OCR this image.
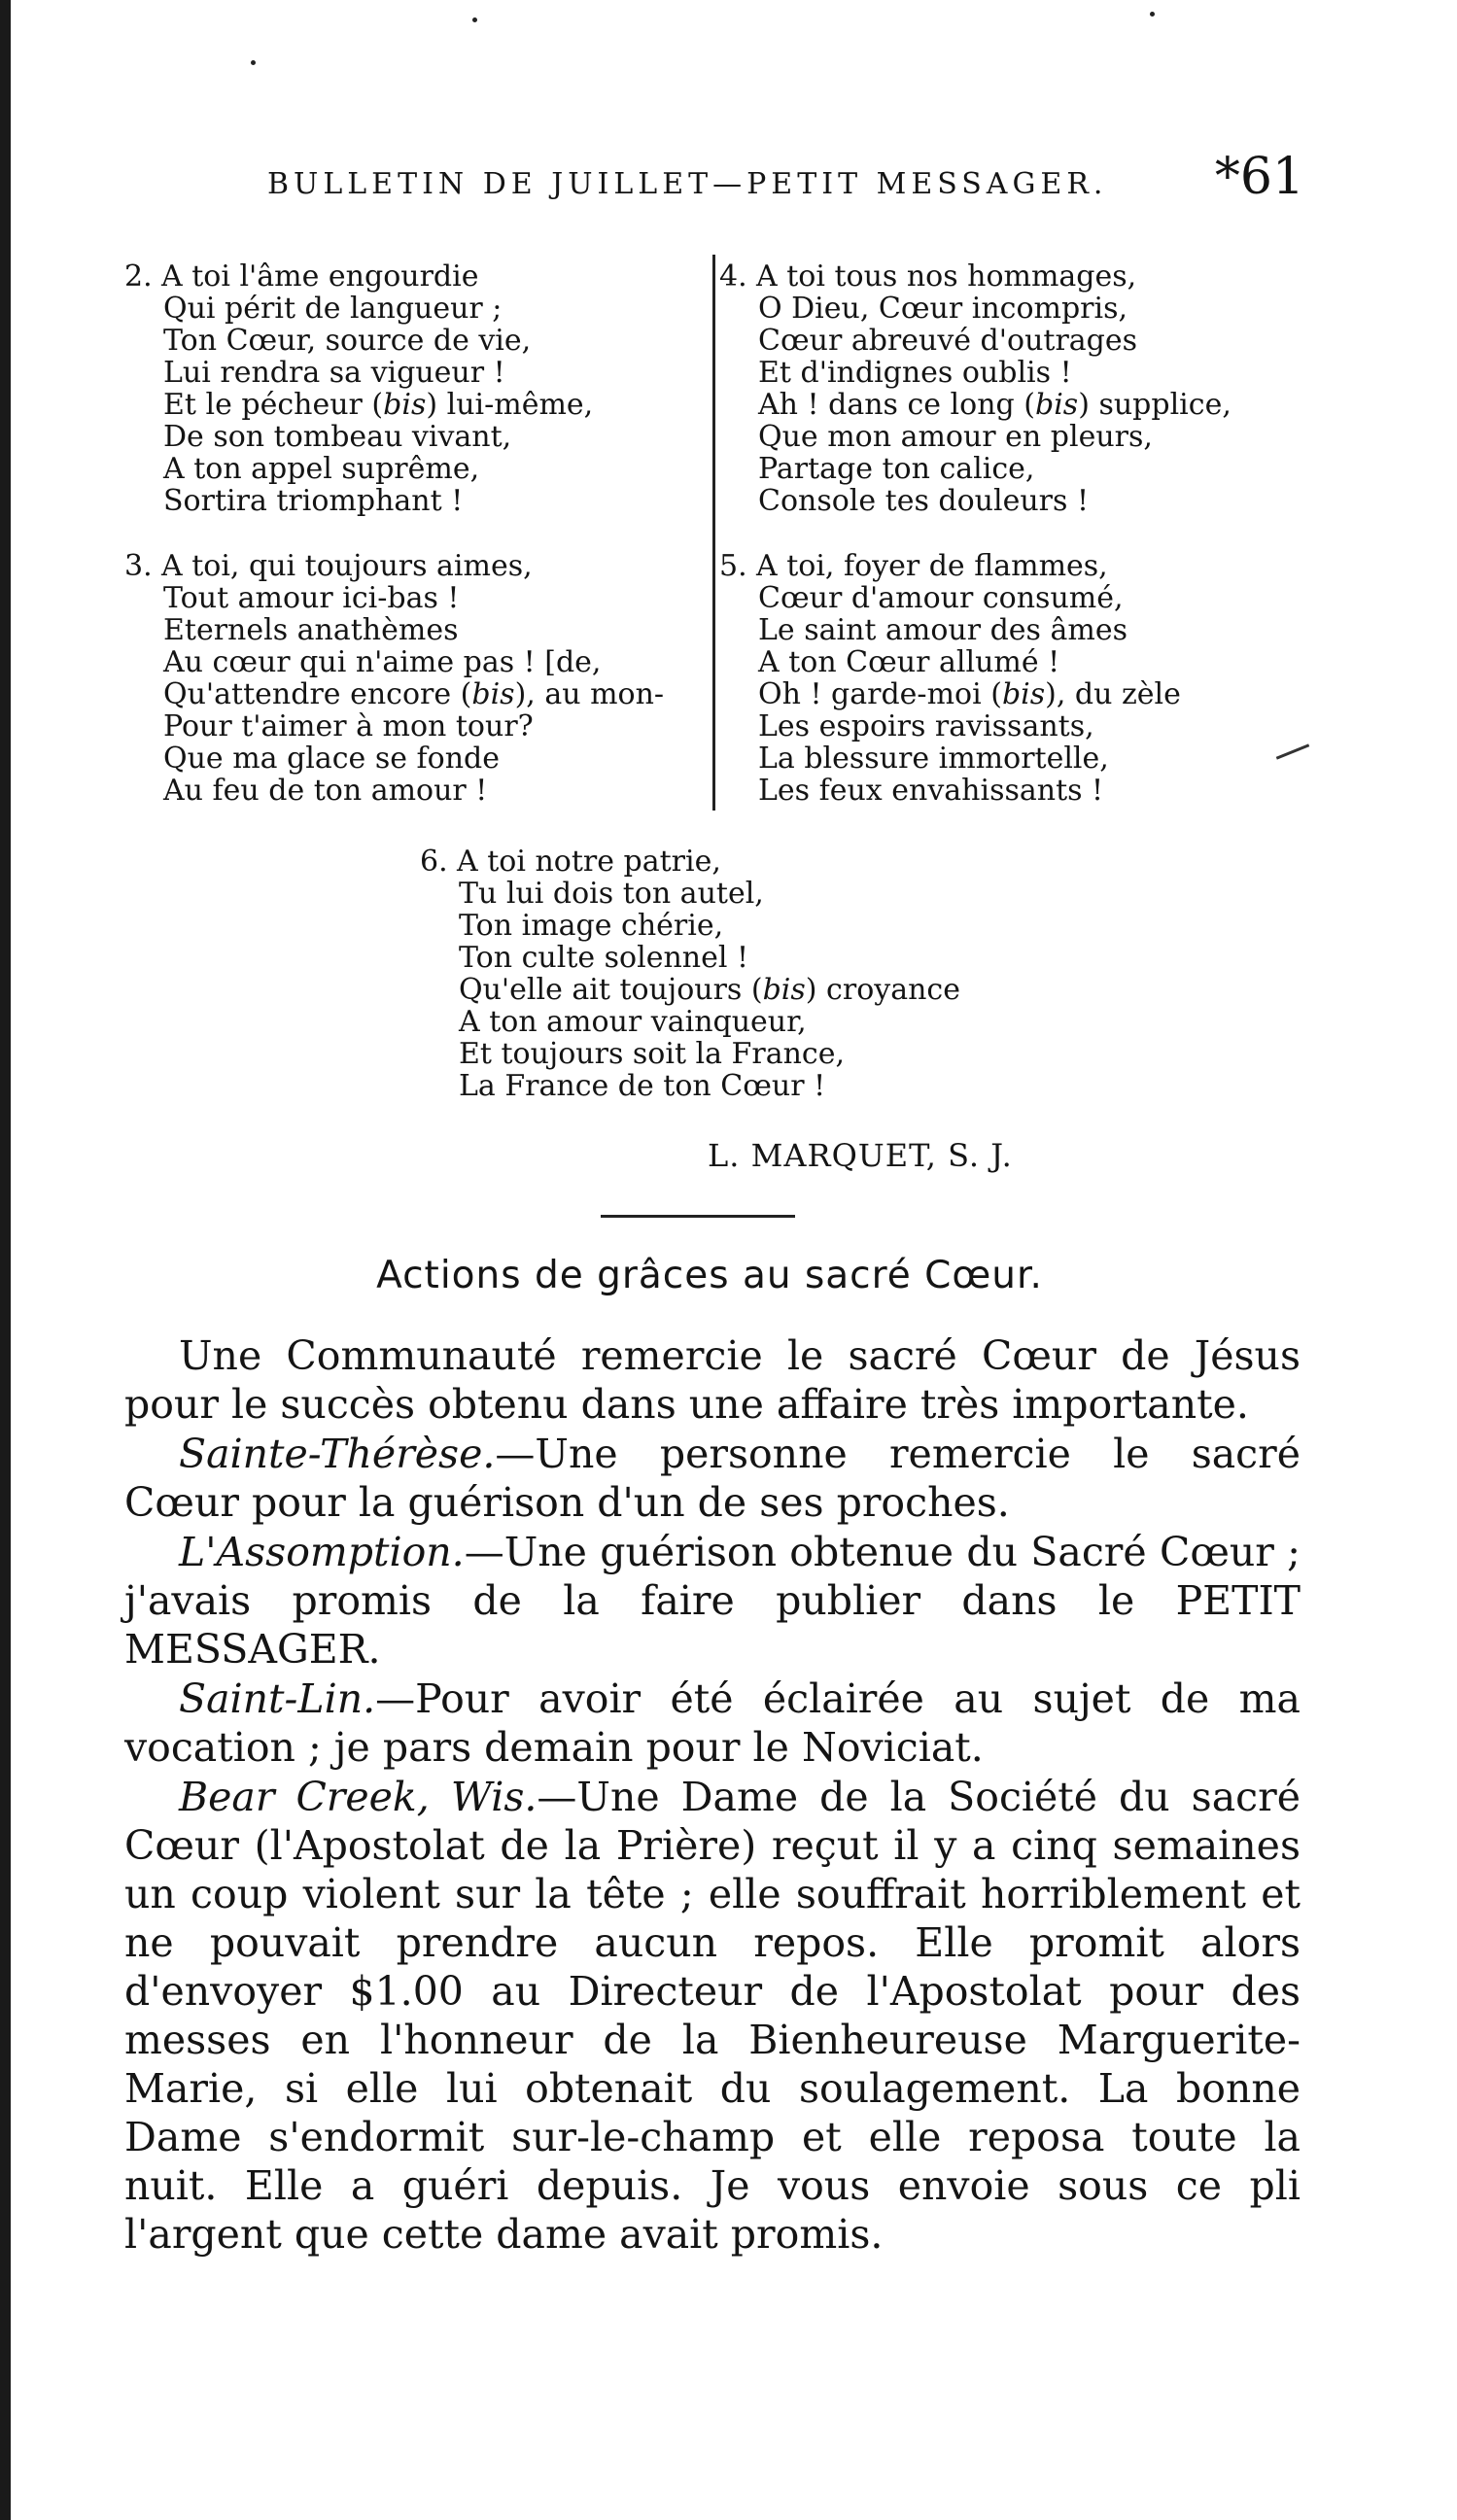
BULLETIN DE JUILLET—PETIT MESSAGER. *61
2. A toi l'âme engourdie
Qui périt de langueur ;
Ton Cœur, source de vie,
Lui rendra sa vigueur !
Et le pécheur (bis) lui-même,
De son tombeau vivant,
A ton appel suprême,
Sortira triomphant !
3. A toi, qui toujours aimes,
Tout amour ici-bas !
Eternels anathèmes
Au cœur qui n'aime pas ! [de,
Qu'attendre encore (bis), au mon-
Pour t'aimer à mon tour?
Que ma glace se fonde
Au feu de ton amour !
4. A toi tous nos hommages,
O Dieu, Cœur incompris,
Cœur abreuvé d'outrages
Et d'indignes oublis !
Ah ! dans ce long (bis) supplice,
Que mon amour en pleurs,
Partage ton calice,
Console tes douleurs !
5. A toi, foyer de flammes,
Cœur d'amour consumé,
Le saint amour des âmes
A ton Cœur allumé !
Oh ! garde-moi (bis), du zèle
Les espoirs ravissants,
La blessure immortelle,
Les feux envahissants !
6. A toi notre patrie,
Tu lui dois ton autel,
Ton image chérie,
Ton culte solennel !
Qu'elle ait toujours (bis) croyance
A ton amour vainqueur,
Et toujours soit la France,
La France de ton Cœur !
L. MARQUET, S. J.
Actions de grâces au sacré Cœur.

Une Communauté remercie le sacré Cœur de Jésus pour le succès obtenu dans une affaire très importante.

Sainte-Thérèse.—Une personne remercie le sacré Cœur pour la guérison d'un de ses proches.

L'Assomption.—Une guérison obtenue du Sacré Cœur ; j'avais promis de la faire publier dans le PETIT MESSAGER.

Saint-Lin.—Pour avoir été éclairée au sujet de ma vocation ; je pars demain pour le Noviciat.

Bear Creek, Wis.—Une Dame de la Société du sacré Cœur (l'Apostolat de la Prière) reçut il y a cinq semaines un coup violent sur la tête ; elle souffrait horriblement et ne pouvait prendre aucun repos. Elle promit alors d'envoyer $1.00 au Directeur de l'Apostolat pour des messes en l'honneur de la Bienheureuse Marguerite-Marie, si elle lui obtenait du soulagement. La bonne Dame s'endormit sur-le-champ et elle reposa toute la nuit. Elle a guéri depuis. Je vous envoie sous ce pli l'argent que cette dame avait promis.
